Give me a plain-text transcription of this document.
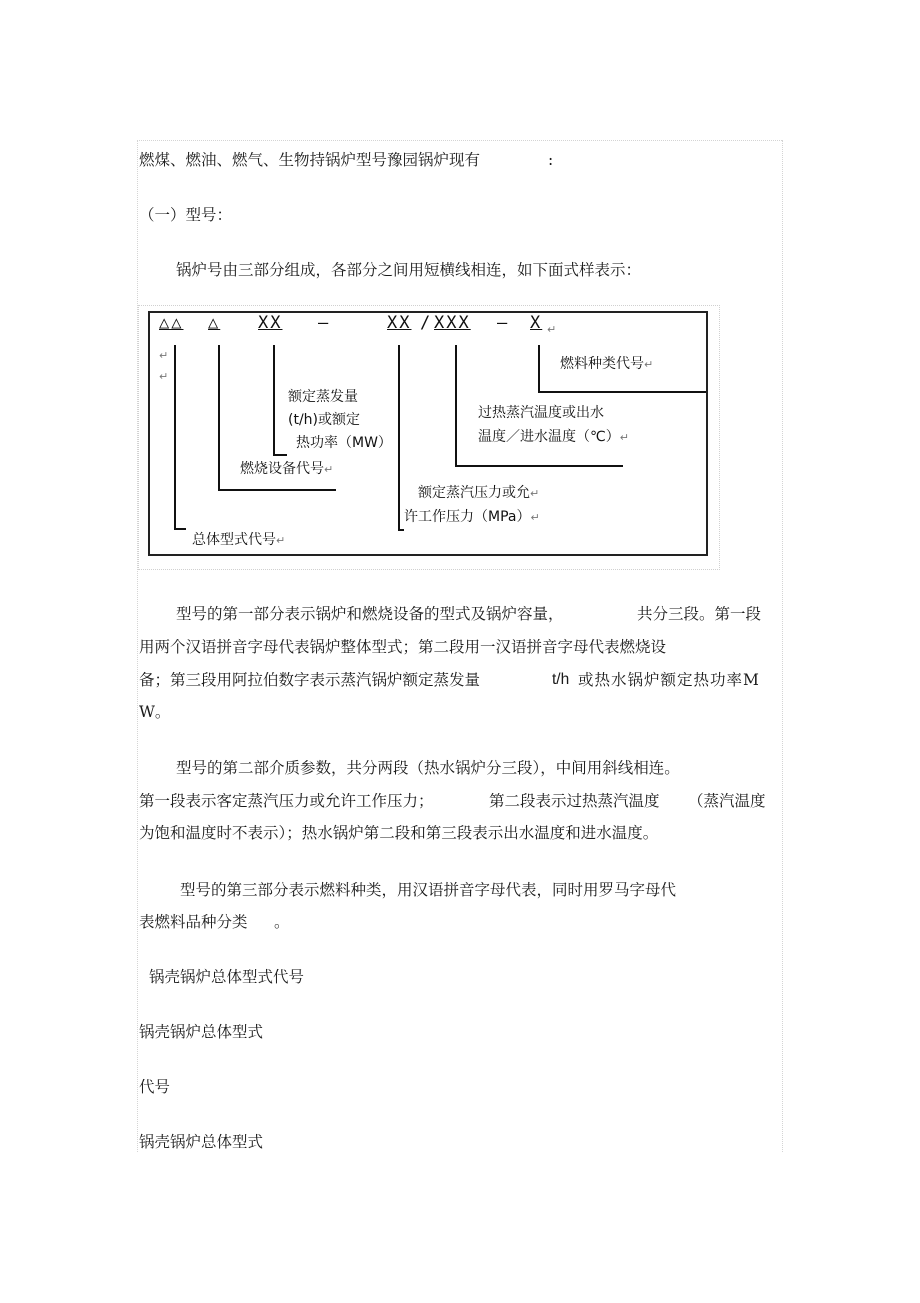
燃煤、燃油、燃气、生物持锅炉型号豫园锅炉现有	:

（一）型号：

锅炉号由三部分组成，各部分之间用短横线相连，如下面式样表示：

△△ △ XX —	XX / XXX — X ↵
↵
↵

燃料种类代号↵

过热蒸汽温度或出水

温度／进水温度（℃）↵

额定蒸发量

(t/h)或额定

热功率（MW）

燃烧设备代号↵

额定蒸汽压力或允↵

许工作压力（MPa）↵

总体型式代号↵

型号的第一部分表示锅炉和燃烧设备的型式及锅炉容量，	共分三段。第一段

用两个汉语拼音字母代表锅炉整体型式；第二段用一汉语拼音字母代表燃烧设

备；第三段用阿拉伯数字表示蒸汽锅炉额定蒸发量	t/h 或热水锅炉额定热功率M

W。

型号的第二部介质参数，共分两段（热水锅炉分三段），中间用斜线相连。

第一段表示客定蒸汽压力或允许工作压力；	第二段表示过热蒸汽温度 （蒸汽温度

为饱和温度时不表示）；热水锅炉第二段和第三段表示出水温度和进水温度。

型号的第三部分表示燃料种类，用汉语拼音字母代表，同时用罗马字母代

表燃料品种分类 。

锅壳锅炉总体型式代号

锅壳锅炉总体型式

代号

锅壳锅炉总体型式
